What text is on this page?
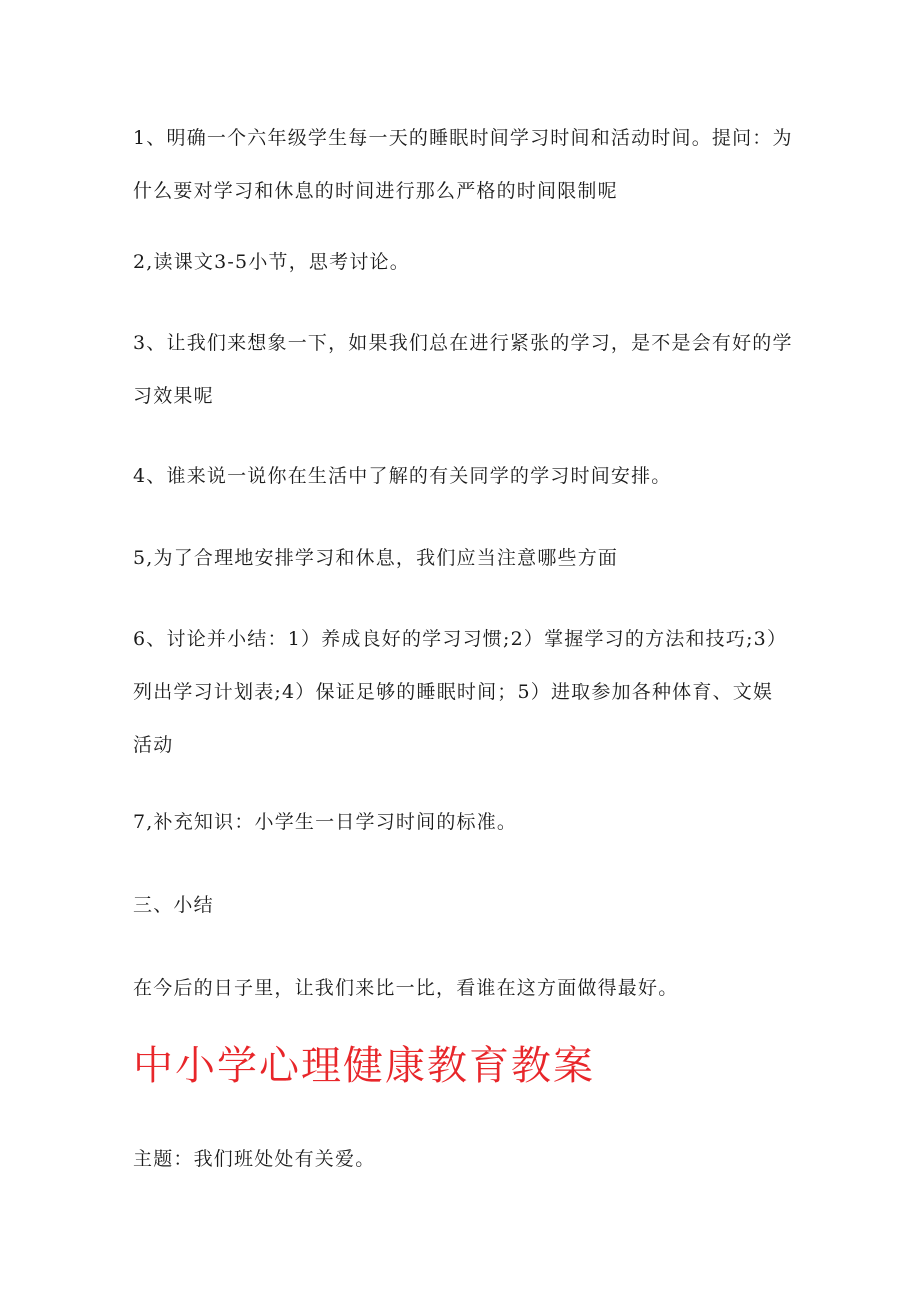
1、明确一个六年级学生每一天的睡眠时间学习时间和活动时间。提问：为什么要对学习和休息的时间进行那么严格的时间限制呢

2,读课文3-5小节，思考讨论。

3、让我们来想象一下，如果我们总在进行紧张的学习，是不是会有好的学习效果呢

4、谁来说一说你在生活中了解的有关同学的学习时间安排。

5,为了合理地安排学习和休息，我们应当注意哪些方面

6、讨论并小结：1）养成良好的学习习惯;2）掌握学习的方法和技巧;3）列出学习计划表;4）保证足够的睡眠时间；5）进取参加各种体育、文娱活动

7,补充知识：小学生一日学习时间的标准。

三、小结

在今后的日子里，让我们来比一比，看谁在这方面做得最好。

中小学心理健康教育教案

主题：我们班处处有关爱。
